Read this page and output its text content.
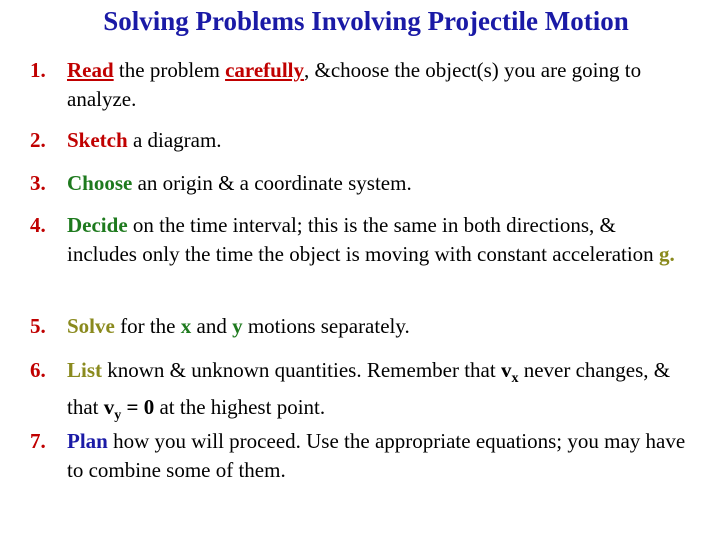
Solving Problems Involving Projectile Motion
1. Read the problem carefully, &choose the object(s) you are going to analyze.
2. Sketch a diagram.
3. Choose an origin & a coordinate system.
4. Decide on the time interval; this is the same in both directions, & includes only the time the object is moving with constant acceleration g.
5. Solve for the x and y motions separately.
6. List known & unknown quantities. Remember that $v_x$ never changes, & that $v_y = 0$ at the highest point.
7. Plan how you will proceed. Use the appropriate equations; you may have to combine some of them.
